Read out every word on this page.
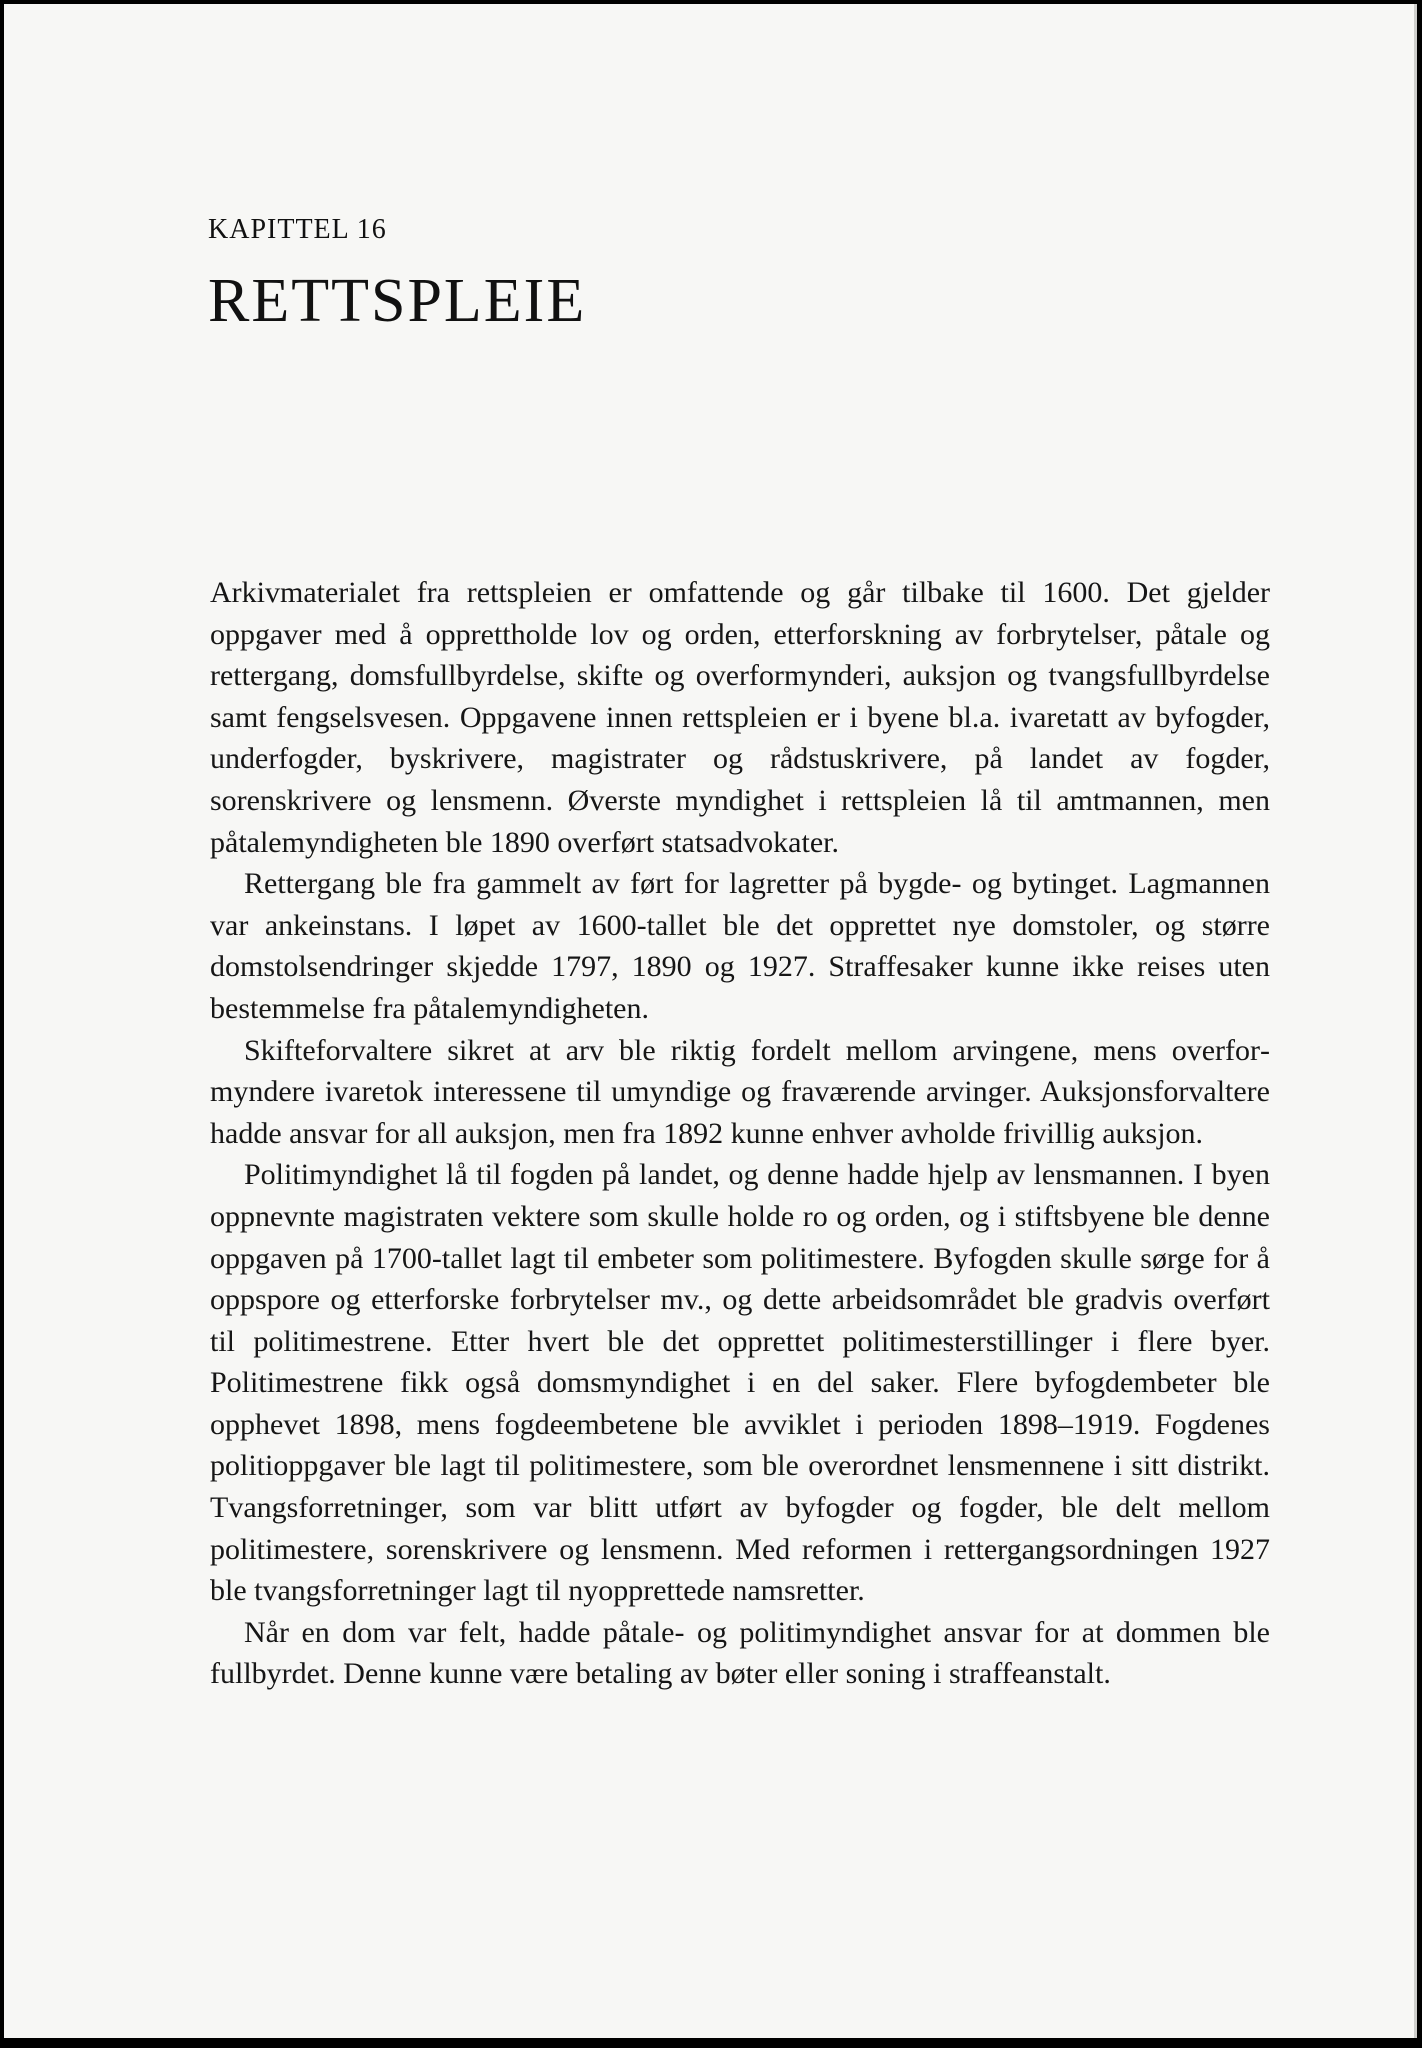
KAPITTEL 16
RETTSPLEIE

Arkivmaterialet fra rettspleien er omfattende og går tilbake til 1600. Det gjelder oppgaver med å opprettholde lov og orden, etterforskning av forbrytelser, påtale og rettergang, domsfullbyrdelse, skifte og overformynderi, auksjon og tvangsfullbyrdelse samt fengselsvesen. Oppgavene innen rettspleien er i byene bl.a. ivaretatt av byfogder, underfogder, byskrivere, magistrater og rådstuskrivere, på landet av fogder, sorenskrivere og lensmenn. Øverste myndighet i rettspleien lå til amtmannen, men påtalemyndigheten ble 1890 overført statsadvokater.

Rettergang ble fra gammelt av ført for lagretter på bygde- og bytinget. Lagmannen var ankeinstans. I løpet av 1600-tallet ble det opprettet nye domstoler, og større domstolsendringer skjedde 1797, 1890 og 1927. Straffesaker kunne ikke reises uten bestemmelse fra påtalemyndigheten.

Skifteforvaltere sikret at arv ble riktig fordelt mellom arvingene, mens overformyndere ivaretok interessene til umyndige og fraværende arvinger. Auksjonsforvaltere hadde ansvar for all auksjon, men fra 1892 kunne enhver avholde frivillig auksjon.

Politimyndighet lå til fogden på landet, og denne hadde hjelp av lensmannen. I byen oppnevnte magistraten vektere som skulle holde ro og orden, og i stiftsbyene ble denne oppgaven på 1700-tallet lagt til embeter som politimestere. Byfogden skulle sørge for å oppspore og etterforske forbrytelser mv., og dette arbeidsområdet ble gradvis overført til politimestrene. Etter hvert ble det opprettet politimesterstillinger i flere byer. Politimestrene fikk også domsmyndighet i en del saker. Flere byfogdembeter ble opphevet 1898, mens fogdeembetene ble avviklet i perioden 1898–1919. Fogdenes politioppgaver ble lagt til politimestere, som ble overordnet lensmennene i sitt distrikt. Tvangsforretninger, som var blitt utført av byfogder og fogder, ble delt mellom politimestere, sorenskrivere og lensmenn. Med reformen i rettergangsordningen 1927 ble tvangsforretninger lagt til nyopprettede namsretter.

Når en dom var felt, hadde påtale- og politimyndighet ansvar for at dommen ble fullbyrdet. Denne kunne være betaling av bøter eller soning i straffeanstalt.
